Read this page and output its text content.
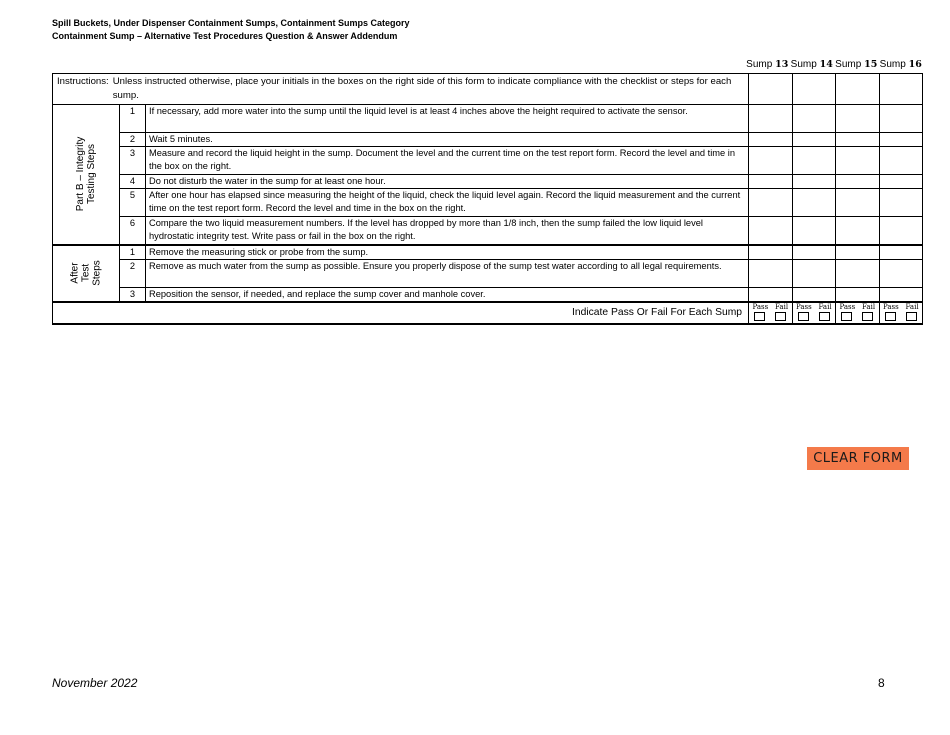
Spill Buckets, Under Dispenser Containment Sumps, Containment Sumps Category
Containment Sump – Alternative Test Procedures Question & Answer Addendum
Sump 13 Sump 14 Sump 15 Sump 16
Instructions: Unless instructed otherwise, place your initials in the boxes on the right side of this form to indicate compliance with the checklist or steps for each sump.						

Part B – Integrity
Testing Steps	1	If necessary, add more water into the sump until the liquid level is at least 4 inches above the height required to activate the sensor.				
	2	Wait 5 minutes.				
	3	Measure and record the liquid height in the sump. Document the level and the current time on the test report form. Record the level and time in the box on the right.				
	4	Do not disturb the water in the sump for at least one hour.				
	5	After one hour has elapsed since measuring the height of the liquid, check the liquid level again. Record the liquid measurement and the current time on the test report form. Record the level and time in the box on the right.				
	6	Compare the two liquid measurement numbers. If the level has dropped by more than 1/8 inch, then the sump failed the low liquid level hydrostatic integrity test. Write pass or fail in the box on the right.				

After
Test
Steps	1	Remove the measuring stick or probe from the sump.				
	2	Remove as much water from the sump as possible. Ensure you properly dispose of the sump test water according to all legal requirements.				
	3	Reposition the sensor, if needed, and replace the sump cover and manhole cover.				
Indicate Pass Or Fail For Each Sump			Pass Fail	Pass Fail	Pass Fail	Pass Fail
CLEAR FORM
November 2022	8
